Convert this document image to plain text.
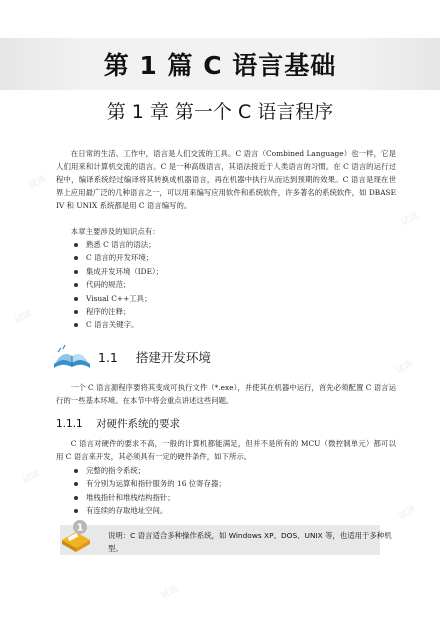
试读
试读
试读
试读
试读
试读
试读
第 1 篇 C 语言基础
第 1 章 第一个 C 语言程序

在日常的生活、工作中，语言是人们交流的工具。C 语言（Combined Language）也一样，它是人们用来和计算机交流的语言。C 是一种高级语言，其语法接近于人类语言的习惯。在 C 语言的运行过程中，编译系统经过编译将其转换成机器语言，再在机器中执行从而达到预期的效果。C 语言是现在世界上应用最广泛的几种语言之一，可以用来编写应用软件和系统软件，许多著名的系统软件，如 DBASE IV 和 UNIX 系统都是用 C 语言编写的。

本章主要涉及的知识点有：

熟悉 C 语言的语法；
C 语言的开发环境；
集成开发环境（IDE）；
代码的规范；
Visual C++工具；
程序的注释；
C 语言关键字。
1.1 搭建开发环境

一个 C 语言源程序要将其变成可执行文件（*.exe），并使其在机器中运行，首先必须配置 C 语言运行的一些基本环境。在本节中将会重点讲述这些问题。

1.1.1 对硬件系统的要求

C 语言对硬件的要求不高，一般的计算机都能满足，但并不是所有的 MCU（微控制单元）都可以用 C 语言来开发，其必须具有一定的硬件条件，如下所示。

完整的指令系统；
有分别为运算和指针服务的 16 位寄存器；
堆栈指针和堆栈结构指针；
有连续的存取地址空间。
1

说明：C 语言适合多种操作系统，如 Windows XP、DOS、UNIX 等，也适用于多种机型。
